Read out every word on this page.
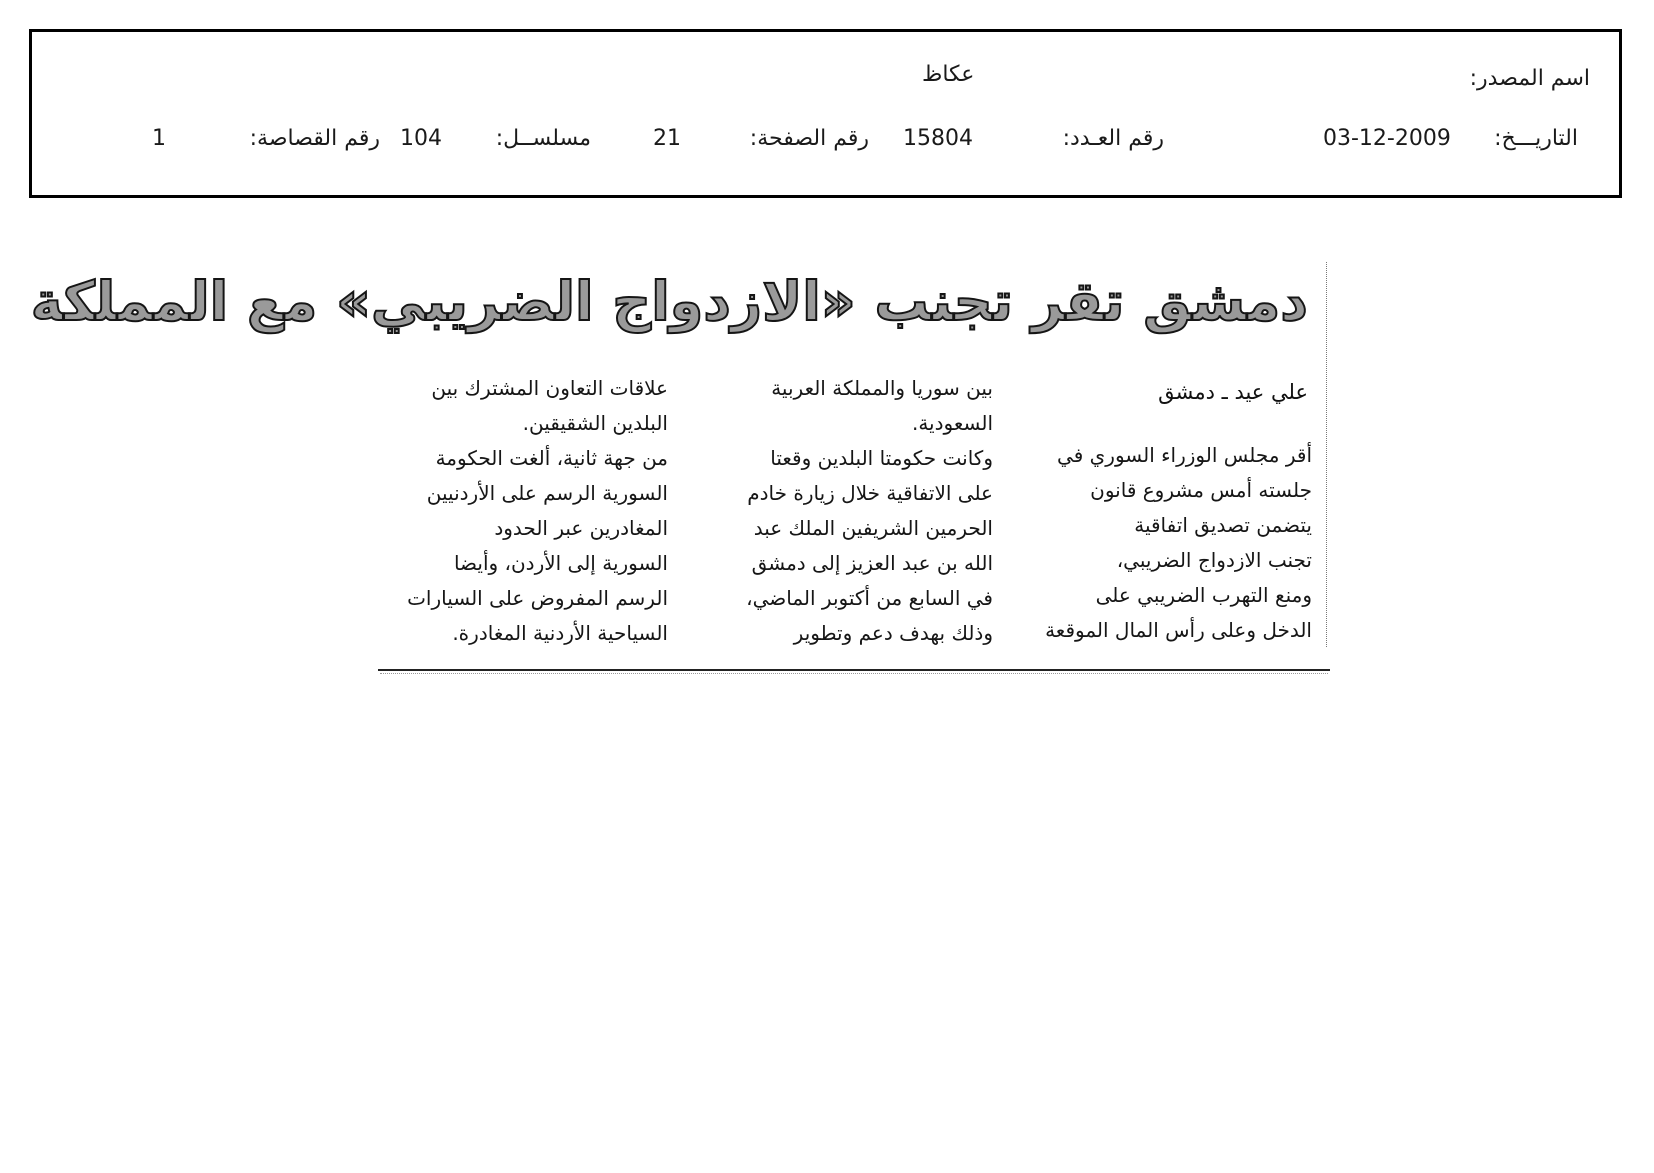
اسم المصدر:
عكاظ
التاريـــخ:
03-12-2009
رقم العـدد:
15804
رقم الصفحة:
21
مسلســل:
104
رقم القصاصة:
1
دمشق تقر تجنب «الازدواج الضريبي» مع المملكة
علي عيد ـ دمشق
أقر مجلس الوزراء السوري في
جلسته أمس مشروع قانون
يتضمن تصديق اتفاقية
تجنب الازدواج الضريبي،
ومنع التهرب الضريبي على
الدخل وعلى رأس المال الموقعة
بين سوريا والمملكة العربية
السعودية.
وكانت حكومتا البلدين وقعتا
على الاتفاقية خلال زيارة خادم
الحرمين الشريفين الملك عبد
الله بن عبد العزيز إلى دمشق
في السابع من أكتوبر الماضي،
وذلك بهدف دعم وتطوير
علاقات التعاون المشترك بين
البلدين الشقيقين.
من جهة ثانية، ألغت الحكومة
السورية الرسم على الأردنيين
المغادرين عبر الحدود
السورية إلى الأردن، وأيضا
الرسم المفروض على السيارات
السياحية الأردنية المغادرة.
